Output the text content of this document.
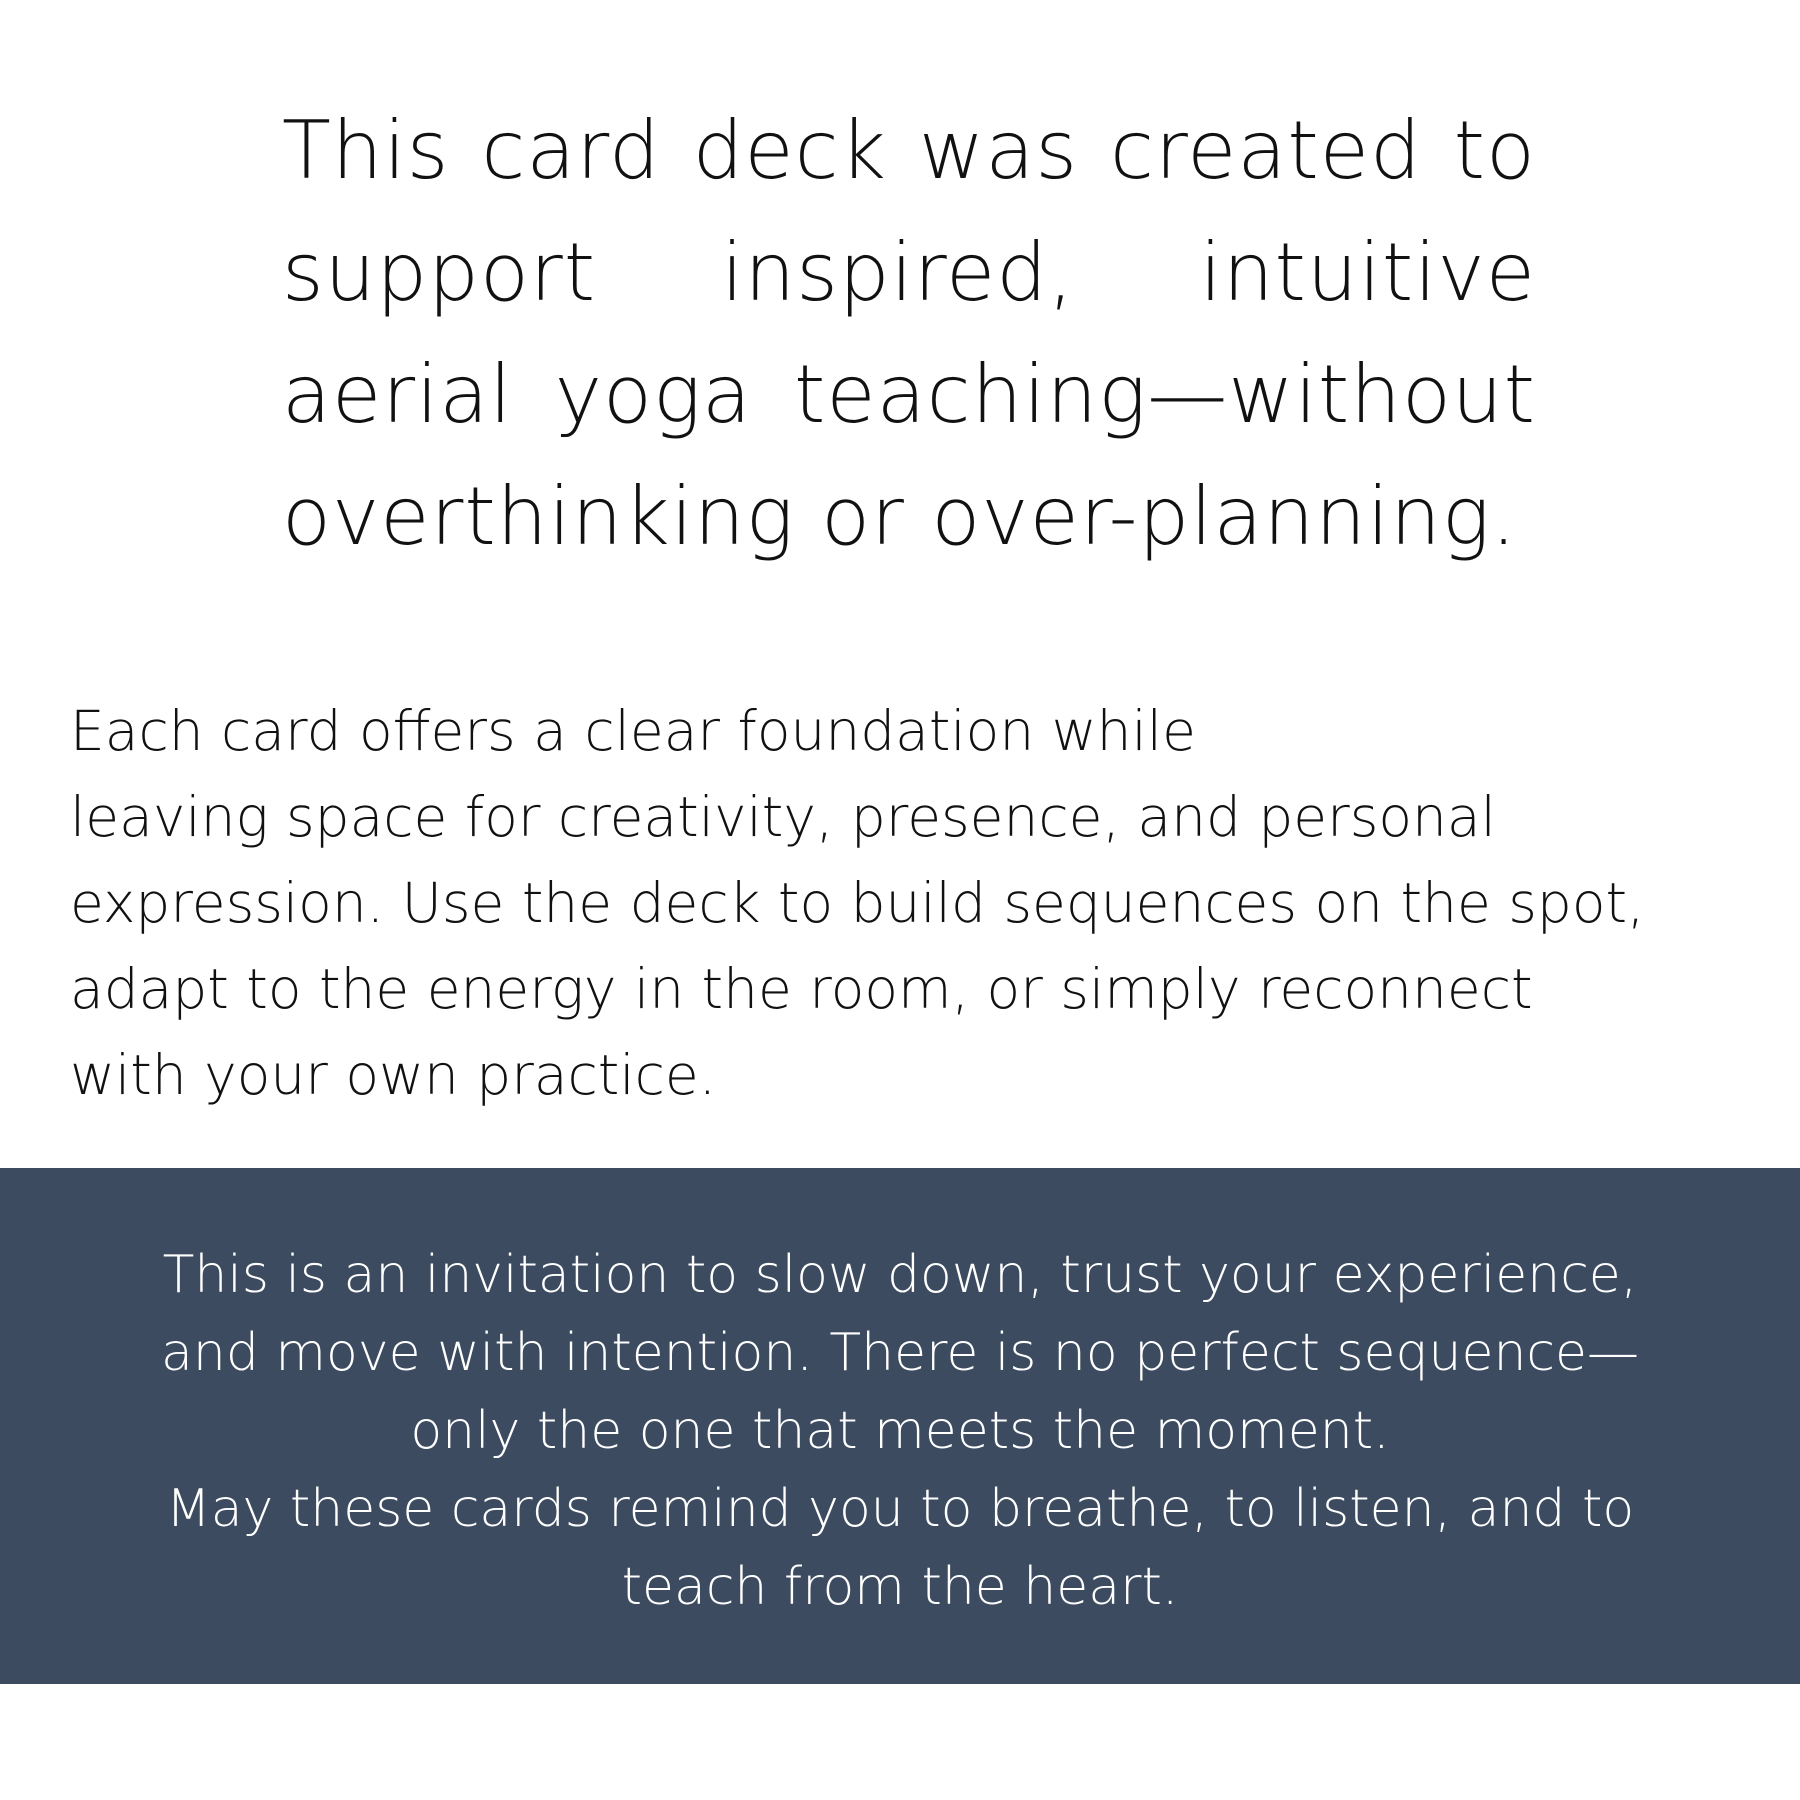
This card deck was created to
support inspired, intuitive
aerial yoga teaching—without
overthinking or over-planning.

Each card offers a clear foundation while
leaving space for creativity, presence, and personal
expression. Use the deck to build sequences on the spot,
adapt to the energy in the room, or simply reconnect
with your own practice.

This is an invitation to slow down, trust your experience,
and move with intention. There is no perfect sequence—
only the one that meets the moment.
May these cards remind you to breathe, to listen, and to
teach from the heart.
